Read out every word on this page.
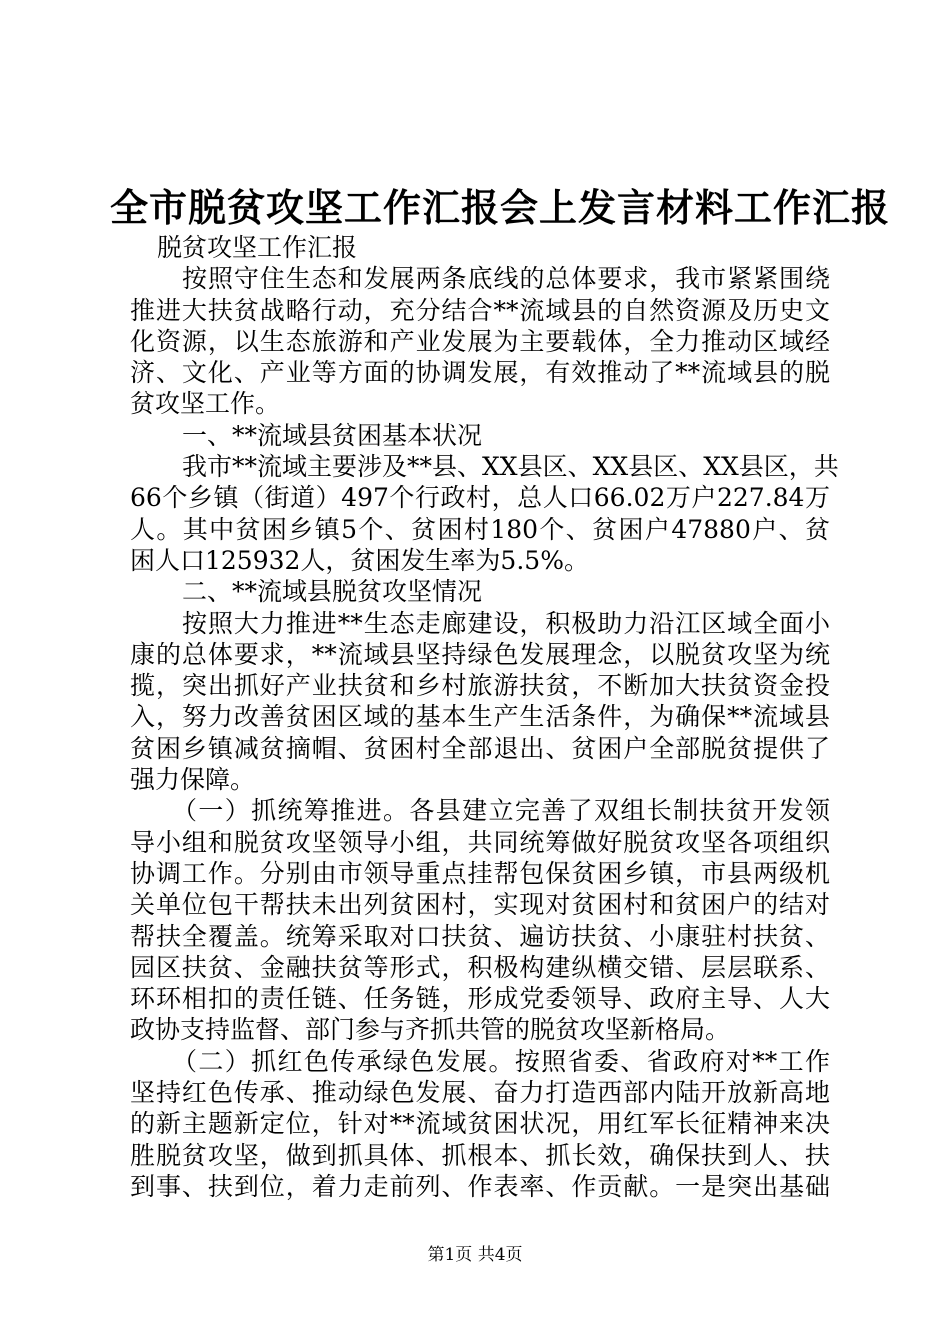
全市脱贫攻坚工作汇报会上发言材料工作汇报
脱贫攻坚工作汇报
按照守住生态和发展两条底线的总体要求，我市紧紧围绕
推进大扶贫战略行动，充分结合**流域县的自然资源及历史文
化资源，以生态旅游和产业发展为主要载体，全力推动区域经
济、文化、产业等方面的协调发展，有效推动了**流域县的脱
贫攻坚工作。
一、**流域县贫困基本状况
我市**流域主要涉及**县、XX县区、XX县区、XX县区，共
66个乡镇（街道）497个行政村，总人口66.02万户227.84万
人。其中贫困乡镇5个、贫困村180个、贫困户47880户、贫
困人口125932人，贫困发生率为5.5%。
二、**流域县脱贫攻坚情况
按照大力推进**生态走廊建设，积极助力沿江区域全面小
康的总体要求，**流域县坚持绿色发展理念，以脱贫攻坚为统
揽，突出抓好产业扶贫和乡村旅游扶贫，不断加大扶贫资金投
入，努力改善贫困区域的基本生产生活条件，为确保**流域县
贫困乡镇减贫摘帽、贫困村全部退出、贫困户全部脱贫提供了
强力保障。
（一）抓统筹推进。各县建立完善了双组长制扶贫开发领
导小组和脱贫攻坚领导小组，共同统筹做好脱贫攻坚各项组织
协调工作。分别由市领导重点挂帮包保贫困乡镇，市县两级机
关单位包干帮扶未出列贫困村，实现对贫困村和贫困户的结对
帮扶全覆盖。统筹采取对口扶贫、遍访扶贫、小康驻村扶贫、
园区扶贫、金融扶贫等形式，积极构建纵横交错、层层联系、
环环相扣的责任链、任务链，形成党委领导、政府主导、人大
政协支持监督、部门参与齐抓共管的脱贫攻坚新格局。
（二）抓红色传承绿色发展。按照省委、省政府对**工作
坚持红色传承、推动绿色发展、奋力打造西部内陆开放新高地
的新主题新定位，针对**流域贫困状况，用红军长征精神来决
胜脱贫攻坚，做到抓具体、抓根本、抓长效，确保扶到人、扶
到事、扶到位，着力走前列、作表率、作贡献。一是突出基础
第1页 共4页
